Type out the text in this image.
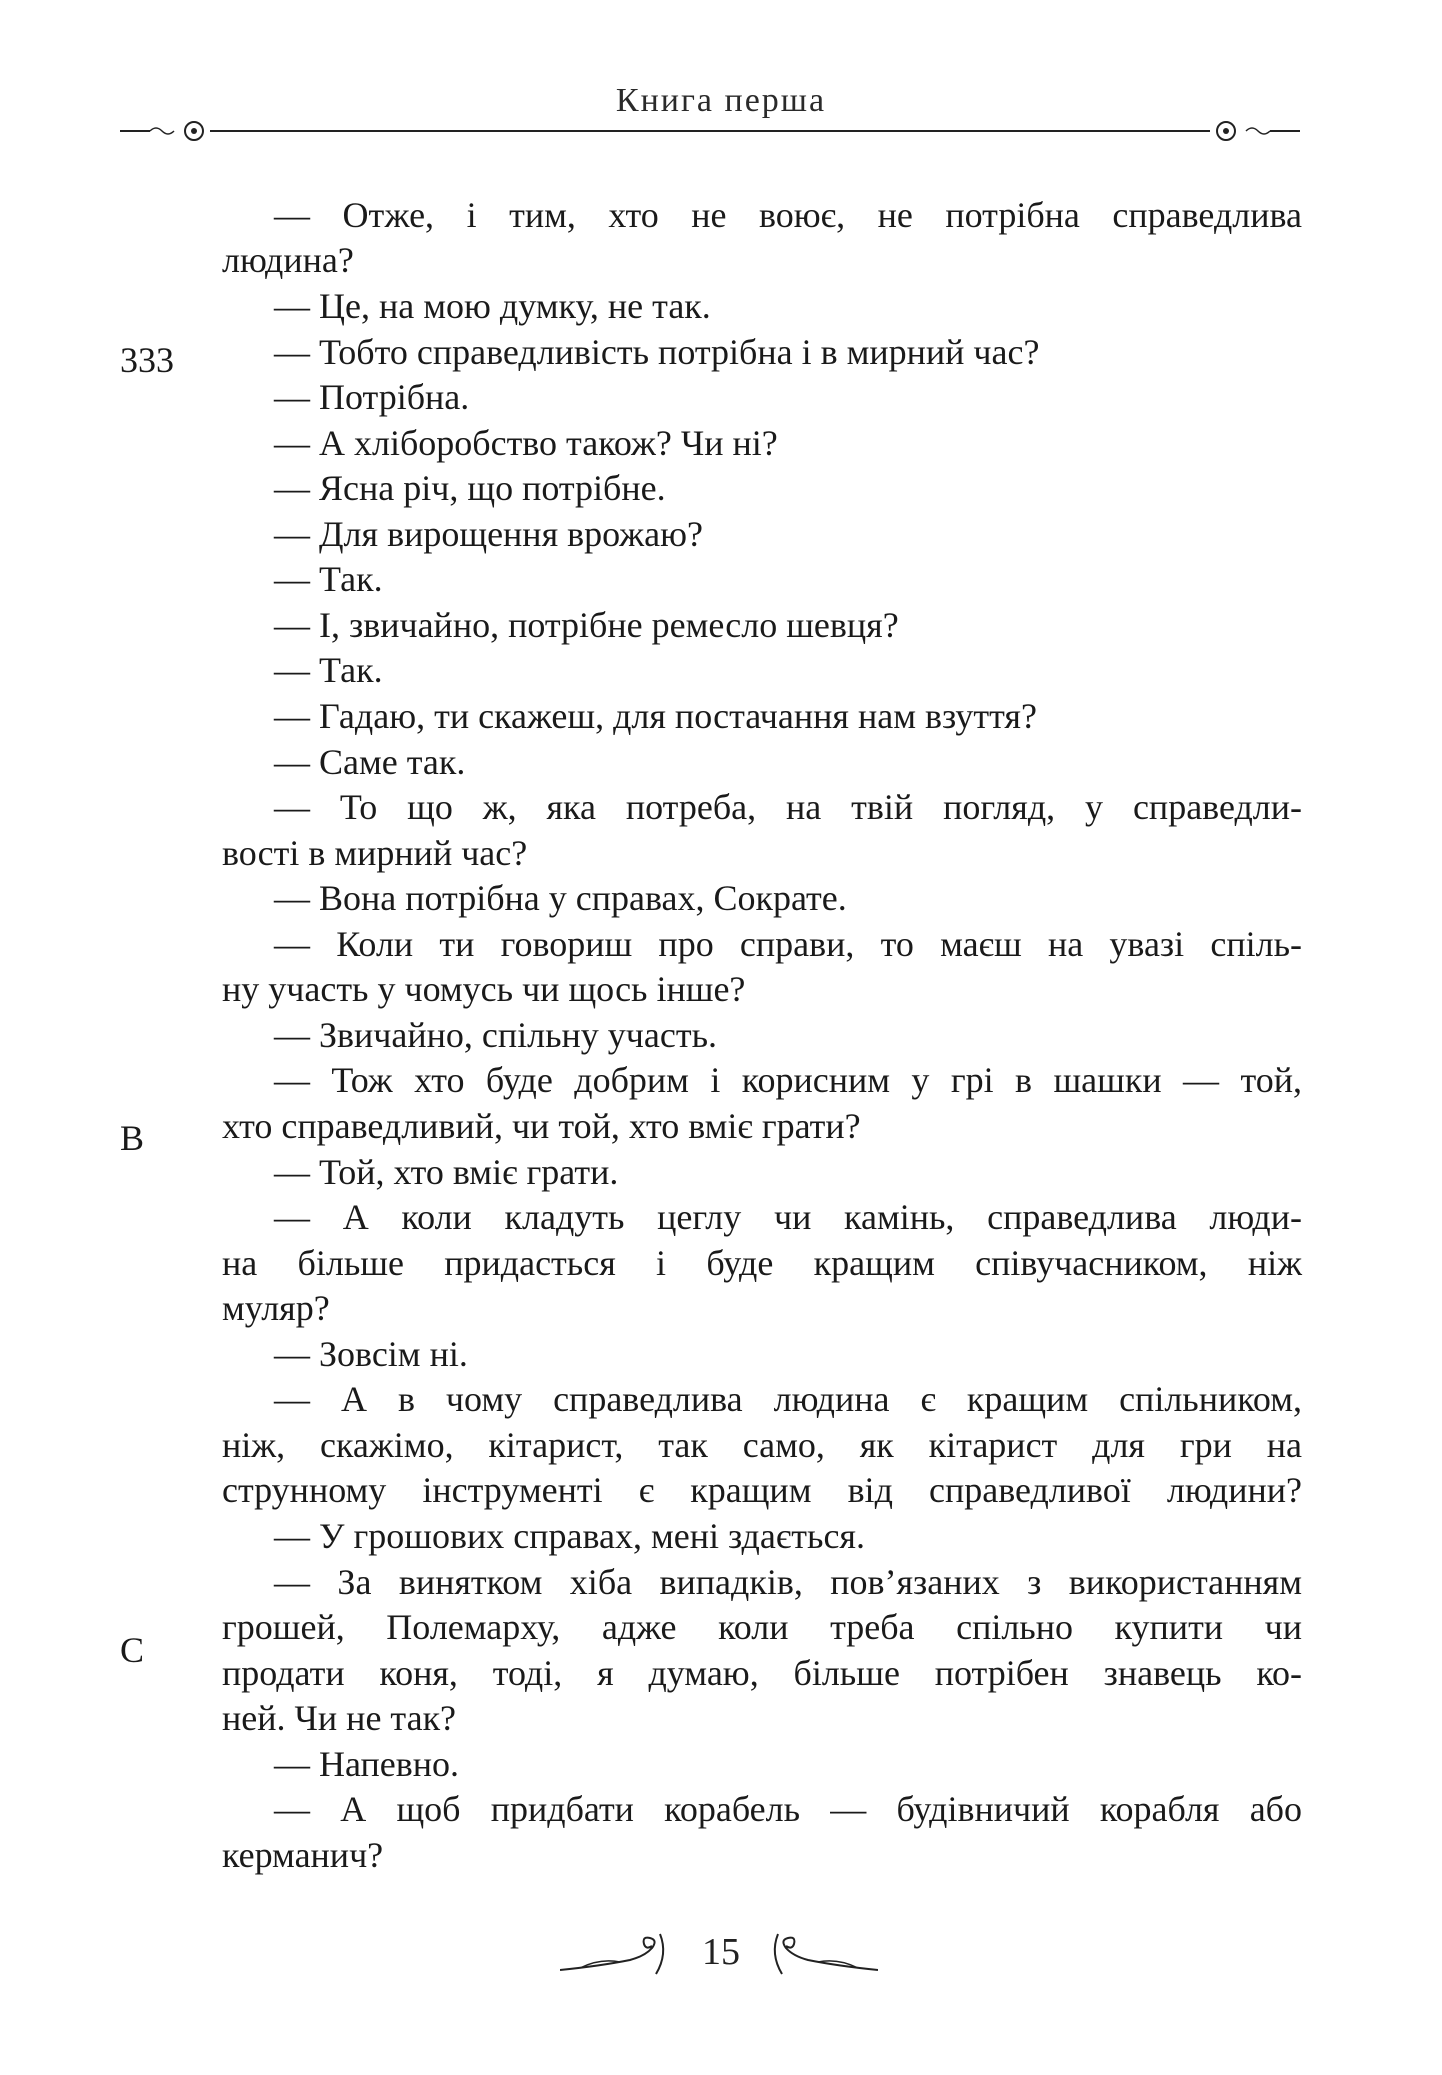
Книга перша
333
B
C
— Отже, і тим, хто не воює, не потрібна справедлива
людина?
— Це, на мою думку, не так.
— Тобто справедливість потрібна і в мирний час?
— Потрібна.
— А хліборобство також? Чи ні?
— Ясна річ, що потрібне.
— Для вирощення врожаю?
— Так.
— І, звичайно, потрібне ремесло шевця?
— Так.
— Гадаю, ти скажеш, для постачання нам взуття?
— Саме так.
— То що ж, яка потреба, на твій погляд, у справедли-
вості в мирний час?
— Вона потрібна у справах, Сократе.
— Коли ти говориш про справи, то маєш на увазі спіль-
ну участь у чомусь чи щось інше?
— Звичайно, спільну участь.
— Тож хто буде добрим і корисним у грі в шашки — той,
хто справедливий, чи той, хто вміє грати?
— Той, хто вміє грати.
— А коли кладуть цеглу чи камінь, справедлива люди-
на більше придасться і буде кращим співучасником, ніж
муляр?
— Зовсім ні.
— А в чому справедлива людина є кращим спільником,
ніж, скажімо, кітарист, так само, як кітарист для гри на
струнному інструменті є кращим від справедливої людини?
— У грошових справах, мені здається.
— За винятком хіба випадків, пов’язаних з використанням
грошей, Полемарху, адже коли треба спільно купити чи
продати коня, тоді, я думаю, більше потрібен знавець ко-
ней. Чи не так?
— Напевно.
— А щоб придбати корабель — будівничий корабля або
керманич?
15
